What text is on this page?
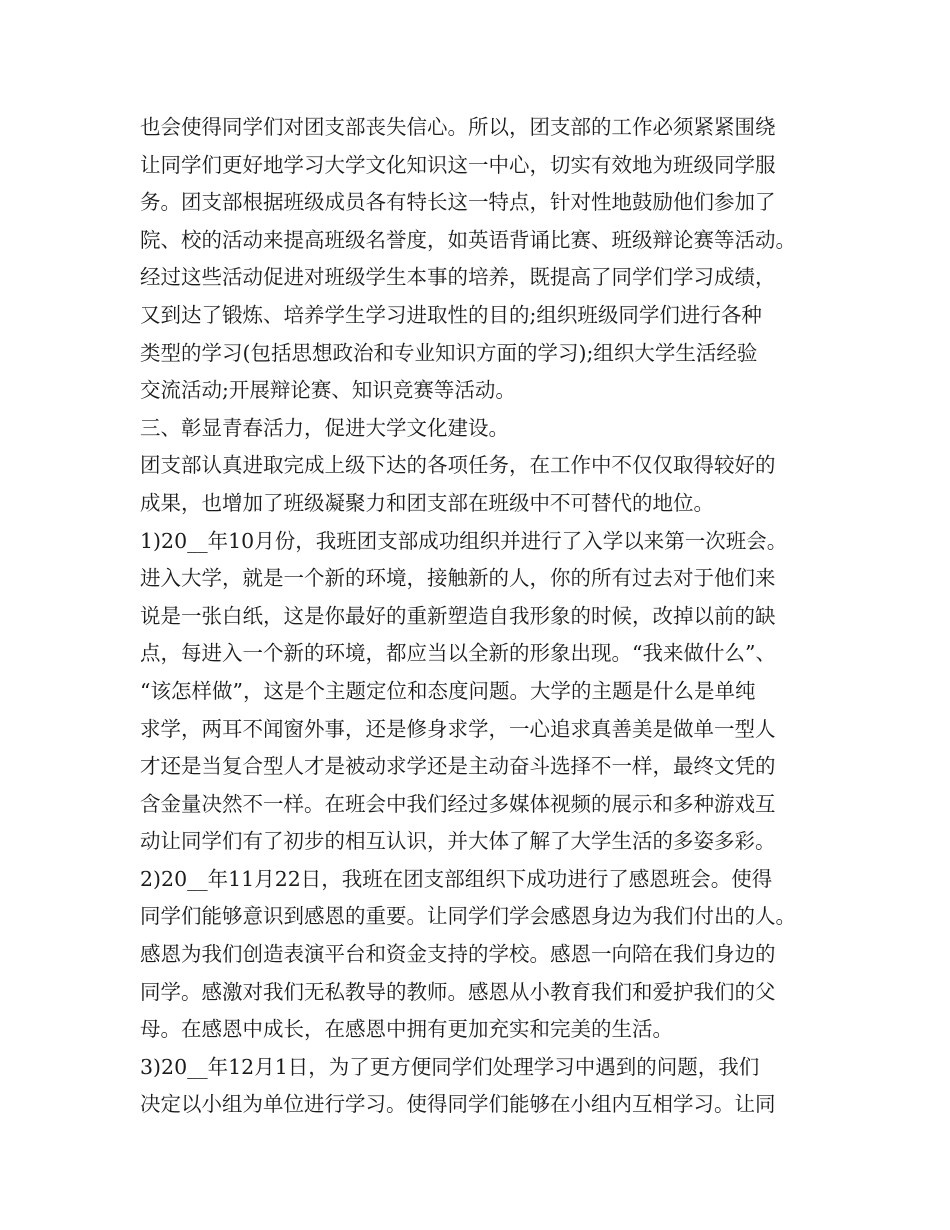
也会使得同学们对团支部丧失信心。所以，团支部的工作必须紧紧围绕
让同学们更好地学习大学文化知识这一中心，切实有效地为班级同学服
务。团支部根据班级成员各有特长这一特点，针对性地鼓励他们参加了
院、校的活动来提高班级名誉度，如英语背诵比赛、班级辩论赛等活动。
经过这些活动促进对班级学生本事的培养，既提高了同学们学习成绩，
又到达了锻炼、培养学生学习进取性的目的;组织班级同学们进行各种
类型的学习(包括思想政治和专业知识方面的学习);组织大学生活经验
交流活动;开展辩论赛、知识竞赛等活动。
三、彰显青春活力，促进大学文化建设。
团支部认真进取完成上级下达的各项任务，在工作中不仅仅取得较好的
成果，也增加了班级凝聚力和团支部在班级中不可替代的地位。
1)20__年10月份，我班团支部成功组织并进行了入学以来第一次班会。
进入大学，就是一个新的环境，接触新的人，你的所有过去对于他们来
说是一张白纸，这是你最好的重新塑造自我形象的时候，改掉以前的缺
点，每进入一个新的环境，都应当以全新的形象出现。“我来做什么”、
“该怎样做”，这是个主题定位和态度问题。大学的主题是什么是单纯
求学，两耳不闻窗外事，还是修身求学，一心追求真善美是做单一型人
才还是当复合型人才是被动求学还是主动奋斗选择不一样，最终文凭的
含金量决然不一样。在班会中我们经过多媒体视频的展示和多种游戏互
动让同学们有了初步的相互认识，并大体了解了大学生活的多姿多彩。
2)20__年11月22日，我班在团支部组织下成功进行了感恩班会。使得
同学们能够意识到感恩的重要。让同学们学会感恩身边为我们付出的人。
感恩为我们创造表演平台和资金支持的学校。感恩一向陪在我们身边的
同学。感激对我们无私教导的教师。感恩从小教育我们和爱护我们的父
母。在感恩中成长，在感恩中拥有更加充实和完美的生活。
3)20__年12月1日，为了更方便同学们处理学习中遇到的问题，我们
决定以小组为单位进行学习。使得同学们能够在小组内互相学习。让同
